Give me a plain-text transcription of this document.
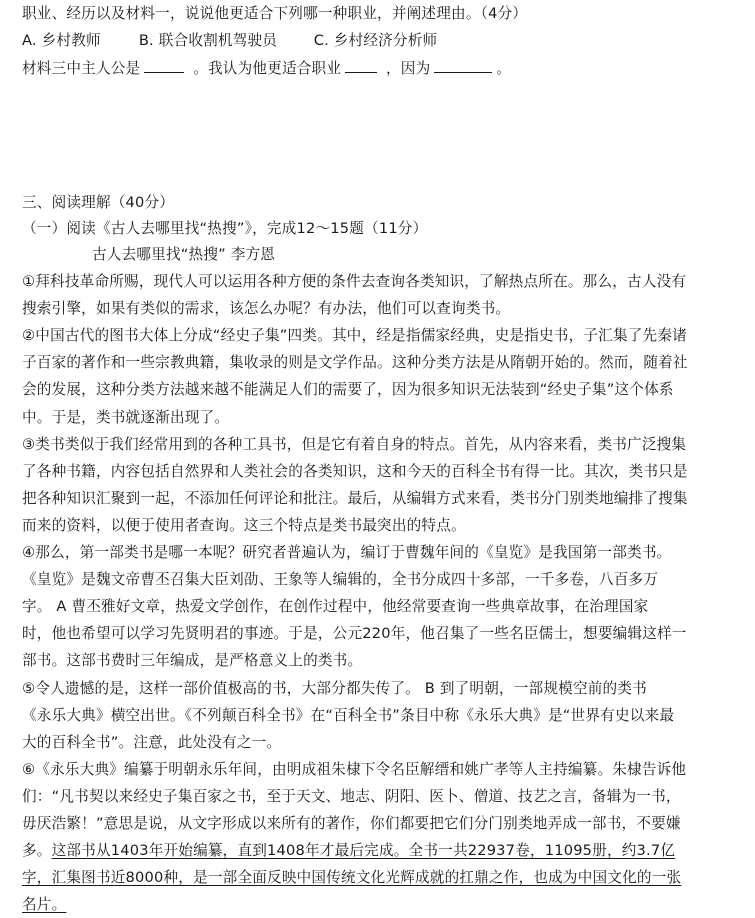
职业、经历以及材料一，说说他更适合下列哪一种职业，并阐述理由。（4分）
A. 乡村教师	B. 联合收割机驾驶员	C. 乡村经济分析师
材料三中主人公是	。我认为他更适合职业	，因为	。
三、阅读理解（40分）
（一）阅读《古人去哪里找“热搜”》，完成12～15题（11分）
古人去哪里找“热搜” 李方恩
①拜科技革命所赐，现代人可以运用各种方便的条件去查询各类知识，了解热点所在。那么，古人没有
搜索引擎，如果有类似的需求，该怎么办呢？有办法，他们可以查询类书。
②中国古代的图书大体上分成“经史子集”四类。其中，经是指儒家经典，史是指史书，子汇集了先秦诸
子百家的著作和一些宗教典籍，集收录的则是文学作品。这种分类方法是从隋朝开始的。然而，随着社
会的发展，这种分类方法越来越不能满足人们的需要了，因为很多知识无法装到“经史子集”这个体系
中。于是，类书就逐渐出现了。
③类书类似于我们经常用到的各种工具书，但是它有着自身的特点。首先，从内容来看，类书广泛搜集
了各种书籍，内容包括自然界和人类社会的各类知识，这和今天的百科全书有得一比。其次，类书只是
把各种知识汇聚到一起，不添加任何评论和批注。最后，从编辑方式来看，类书分门别类地编排了搜集
而来的资料，以便于使用者查询。这三个特点是类书最突出的特点。
④那么，第一部类书是哪一本呢？研究者普遍认为，编订于曹魏年间的《皇览》是我国第一部类书。
《皇览》是魏文帝曹丕召集大臣刘劭、王象等人编辑的，全书分成四十多部，一千多卷，八百多万
字。 A 曹丕雅好文章，热爱文学创作，在创作过程中，他经常要查询一些典章故事，在治理国家
时，他也希望可以学习先贤明君的事迹。于是，公元220年，他召集了一些名臣儒士，想要编辑这样一
部书。这部书费时三年编成，是严格意义上的类书。
⑤令人遗憾的是，这样一部价值极高的书，大部分都失传了。 B 到了明朝，一部规模空前的类书
《永乐大典》横空出世。《不列颠百科全书》在“百科全书”条目中称《永乐大典》是“世界有史以来最
大的百科全书”。注意，此处没有之一。
⑥《永乐大典》编纂于明朝永乐年间，由明成祖朱棣下令名臣解缙和姚广孝等人主持编纂。朱棣告诉他
们：“凡书契以来经史子集百家之书，至于天文、地志、阴阳、医卜、僧道、技艺之言，备辑为一书，
毋厌浩繁！”意思是说，从文字形成以来所有的著作，你们都要把它们分门别类地弄成一部书，不要嫌
多。这部书从1403年开始编纂，直到1408年才最后完成。全书一共22937卷，11095册，约3.7亿
字，汇集图书近8000种，是一部全面反映中国传统文化光辉成就的扛鼎之作，也成为中国文化的一张
名片。
